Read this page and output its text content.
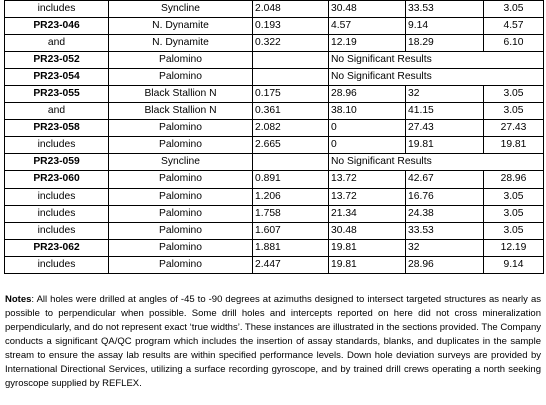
includes	Syncline	2.048	30.48	33.53	3.05	
PR23-046	N. Dynamite	0.193	4.57	9.14	4.57	
and	N. Dynamite	0.322	12.19	18.29	6.10	
PR23-052	Palomino		No Significant Results			
PR23-054	Palomino		No Significant Results			
PR23-055	Black Stallion N	0.175	28.96	32	3.05	
and	Black Stallion N	0.361	38.10	41.15	3.05	
PR23-058	Palomino	2.082	0	27.43	27.43	
includes	Palomino	2.665	0	19.81	19.81	
PR23-059	Syncline		No Significant Results			
PR23-060	Palomino	0.891	13.72	42.67	28.96	
includes	Palomino	1.206	13.72	16.76	3.05	
includes	Palomino	1.758	21.34	24.38	3.05	
includes	Palomino	1.607	30.48	33.53	3.05	
PR23-062	Palomino	1.881	19.81	32	12.19	
includes	Palomino	2.447	19.81	28.96	9.14	
Notes: All holes were drilled at angles of -45 to -90 degrees at azimuths designed to intersect targeted structures as nearly as possible to perpendicular when possible. Some drill holes and intercepts reported on here did not cross mineralization perpendicularly, and do not represent exact ‘true widths’. These instances are illustrated in the sections provided. The Company conducts a significant QA/QC program which includes the insertion of assay standards, blanks, and duplicates in the sample stream to ensure the assay lab results are within specified performance levels. Down hole deviation surveys are provided by International Directional Services, utilizing a surface recording gyroscope, and by trained drill crews operating a north seeking gyroscope supplied by REFLEX.
